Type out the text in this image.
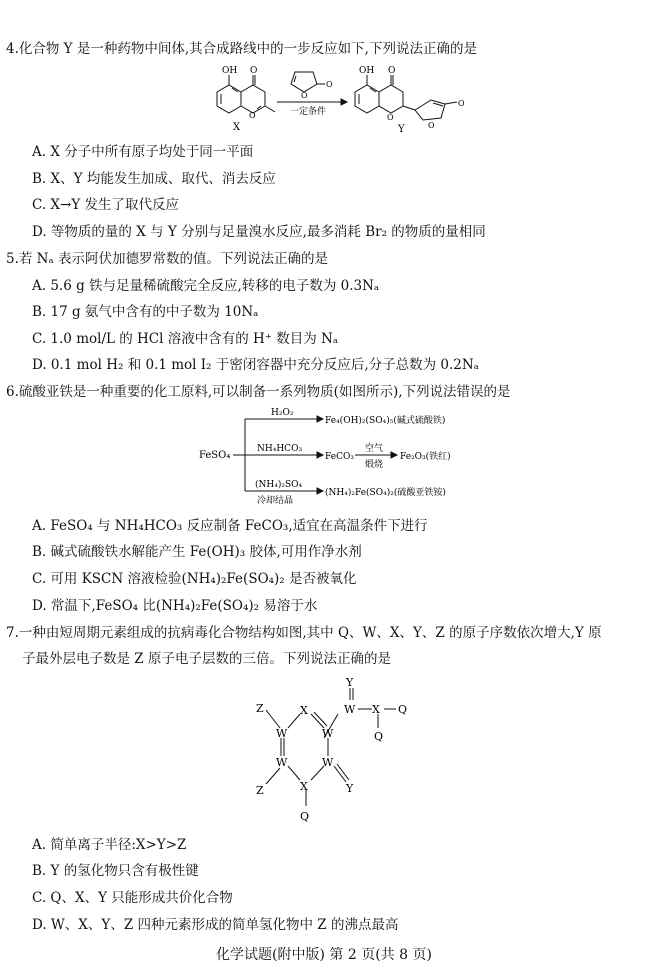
4.化合物 Y 是一种药物中间体,其合成路线中的一步反应如下,下列说法正确的是
OH O
O
X
O
O
一定条件
OH O
O
O
O
Y
A. X 分子中所有原子均处于同一平面
B. X、Y 均能发生加成、取代、消去反应
C. X→Y 发生了取代反应
D. 等物质的量的 X 与 Y 分别与足量溴水反应,最多消耗 Br₂ 的物质的量相同
5.若 Nₐ 表示阿伏加德罗常数的值。下列说法正确的是
A. 5.6 g 铁与足量稀硫酸完全反应,转移的电子数为 0.3Nₐ
B. 17 g 氨气中含有的中子数为 10Nₐ
C. 1.0 mol/L 的 HCl 溶液中含有的 H⁺ 数目为 Nₐ
D. 0.1 mol H₂ 和 0.1 mol I₂ 于密闭容器中充分反应后,分子总数为 0.2Nₐ
6.硫酸亚铁是一种重要的化工原料,可以制备一系列物质(如图所示),下列说法错误的是
FeSO₄
H₂O₂
Fe₄(OH)₂(SO₄)₅(碱式硫酸铁)
NH₄HCO₃
FeCO₃
空气
煅烧
Fe₂O₃(铁红)
(NH₄)₂SO₄
冷却结晶
(NH₄)₂Fe(SO₄)₂(硫酸亚铁铵)
A. FeSO₄ 与 NH₄HCO₃ 反应制备 FeCO₃,适宜在高温条件下进行
B. 碱式硫酸铁水解能产生 Fe(OH)₃ 胶体,可用作净水剂
C. 可用 KSCN 溶液检验(NH₄)₂Fe(SO₄)₂ 是否被氧化
D. 常温下,FeSO₄ 比(NH₄)₂Fe(SO₄)₂ 易溶于水
7.一种由短周期元素组成的抗病毒化合物结构如图,其中 Q、W、X、Y、Z 的原子序数依次增大,Y 原
子最外层电子数是 Z 原子电子层数的三倍。下列说法正确的是
Z	X
Y
W X Q
Q
W	W
W	W
Z	X	Y
Q
A. 简单离子半径:X>Y>Z
B. Y 的氢化物只含有极性键
C. Q、X、Y 只能形成共价化合物
D. W、X、Y、Z 四种元素形成的简单氢化物中 Z 的沸点最高
化学试题(附中版) 第 2 页(共 8 页)
